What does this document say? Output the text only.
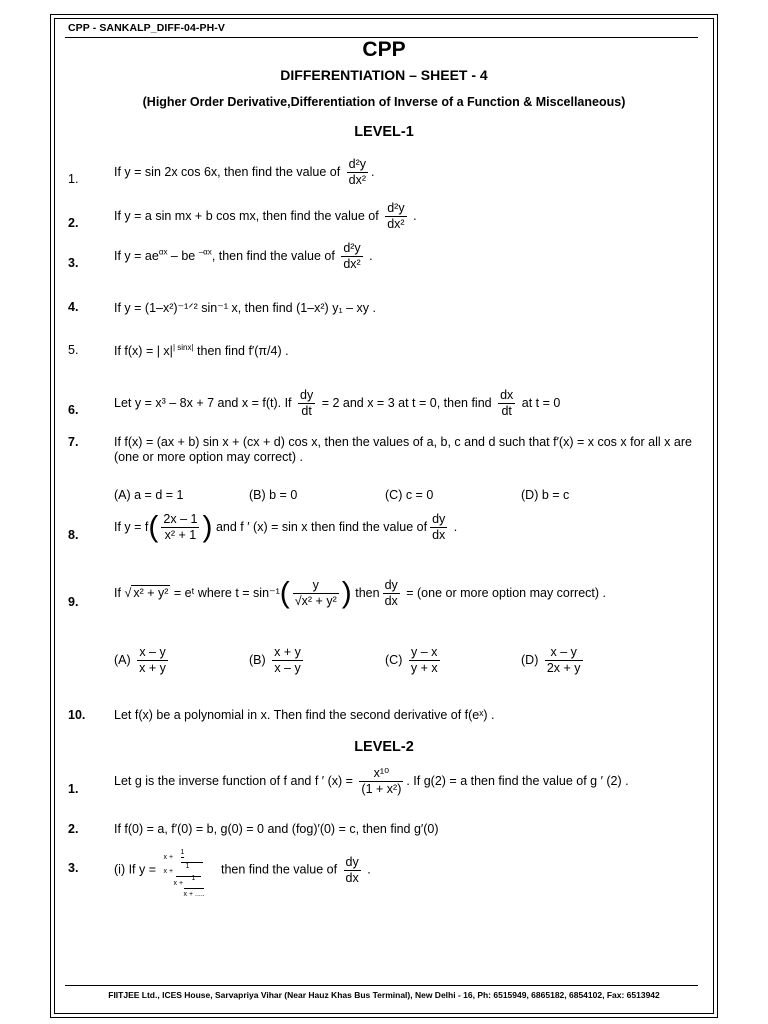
CPP - SANKALP_DIFF-04-PH-V
CPP
DIFFERENTIATION – SHEET - 4
(Higher Order Derivative,Differentiation of Inverse of a Function & Miscellaneous)
LEVEL-1
1.
If y = sin 2x cos 6x, then find the value of $\frac{\text{d²y}}{\text{dx²}}$ .
2.
If y = a sin mx + b cos mx, then find the value of $\frac{\text{d²y}}{\text{dx²}}$ .
3.
If $y = ae^{\alpha x}$ – be $^{-\alpha x}$, then find the value of $\frac{\text{d²y}}{\text{dx²}}$ .
4.	If y = (1–x²)⁻¹ᐟ² sin⁻¹ x, then find (1–x²) y₁ – xy .
5.	If f(x) = | $x|^{| sinx|}$ then find f′(π/4) .
6.
Let y = x³ – 8x + 7 and x = f(t). If $\frac{dy}{dt} = 2$ and x = 3 at t = 0, then find $\frac{dx}{dt}$ at t = 0
7.	If f(x) = (ax + b) sin x + (cx + d) cos x, then the values of a, b, c and d such that f′(x) = x cos x for all x are (one or more option may correct) .
(A) a = d = 1	(B) b = 0	(C) c = 0	(D) b = c
8.
If $y = f( \frac{2x - 1}{\text{x² + 1}}$ ) and f ′ (x) = sin x then find the value of $\frac{dy}{dx}$ .
9.
If √ x² + y² = eᵗ where $t = \sin^{-1}( \frac{y}{\text{√x² + y²}}$ ) then $\frac{dy}{dx} = (one$ or more option may correct) .
$(A) \frac{x - y}{x + y}$	$(B) \frac{x + y}{x - y}$	$(C) \frac{y - x}{y + x}$	$(D) \frac{x - y}{2x + y}$
10. Let f(x) be a polynomial in x. Then find the second derivative of f(eˣ) .
LEVEL-2
1.
Let g is the inverse function of f and f ′ $(x) = \frac{\text{x¹⁰}}{\text{(1 + x²)}}$ . If g(2) = a then find the value of g ′ (2) .
2.	If f(0) = a, f′(0) = b, g(0) = 0 and (fog)′(0) = c, then find g′(0)
3.	(i) If y =
x +
1
x +
1
x +
1
x + .....
then find the value of $\frac{dy}{dx}$ .
FIITJEE Ltd., ICES House, Sarvapriya Vihar (Near Hauz Khas Bus Terminal), New Delhi - 16, Ph: 6515949, 6865182, 6854102, Fax: 6513942
